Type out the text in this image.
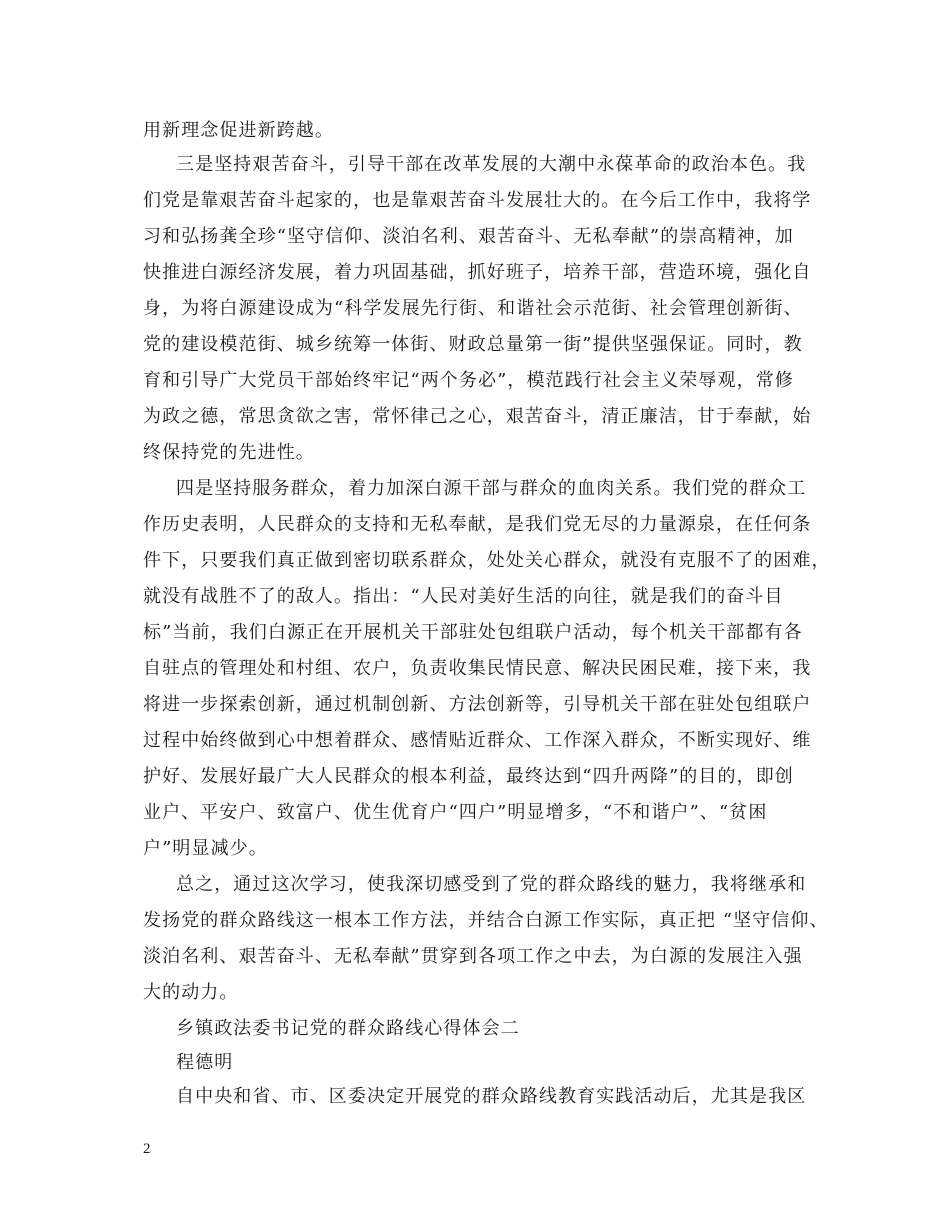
用新理念促进新跨越。
三是坚持艰苦奋斗，引导干部在改革发展的大潮中永葆革命的政治本色。我
们党是靠艰苦奋斗起家的，也是靠艰苦奋斗发展壮大的。在今后工作中，我将学
习和弘扬龚全珍“坚守信仰、淡泊名利、艰苦奋斗、无私奉献”的崇高精神，加
快推进白源经济发展，着力巩固基础，抓好班子，培养干部，营造环境，强化自
身，为将白源建设成为“科学发展先行街、和谐社会示范街、社会管理创新街、
党的建设模范街、城乡统筹一体街、财政总量第一街”提供坚强保证。同时，教
育和引导广大党员干部始终牢记“两个务必”，模范践行社会主义荣辱观，常修
为政之德，常思贪欲之害，常怀律己之心，艰苦奋斗，清正廉洁，甘于奉献，始
终保持党的先进性。
四是坚持服务群众，着力加深白源干部与群众的血肉关系。我们党的群众工
作历史表明，人民群众的支持和无私奉献，是我们党无尽的力量源泉，在任何条
件下，只要我们真正做到密切联系群众，处处关心群众，就没有克服不了的困难，
就没有战胜不了的敌人。指出：“人民对美好生活的向往，就是我们的奋斗目
标”当前，我们白源正在开展机关干部驻处包组联户活动，每个机关干部都有各
自驻点的管理处和村组、农户，负责收集民情民意、解决民困民难，接下来，我
将进一步探索创新，通过机制创新、方法创新等，引导机关干部在驻处包组联户
过程中始终做到心中想着群众、感情贴近群众、工作深入群众，不断实现好、维
护好、发展好最广大人民群众的根本利益，最终达到“四升两降”的目的，即创
业户、平安户、致富户、优生优育户“四户”明显增多，“不和谐户”、“贫困
户”明显减少。
总之，通过这次学习，使我深切感受到了党的群众路线的魅力，我将继承和
发扬党的群众路线这一根本工作方法，并结合白源工作实际，真正把 “坚守信仰、
淡泊名利、艰苦奋斗、无私奉献”贯穿到各项工作之中去，为白源的发展注入强
大的动力。
乡镇政法委书记党的群众路线心得体会二
程德明
自中央和省、市、区委决定开展党的群众路线教育实践活动后，尤其是我区
2
